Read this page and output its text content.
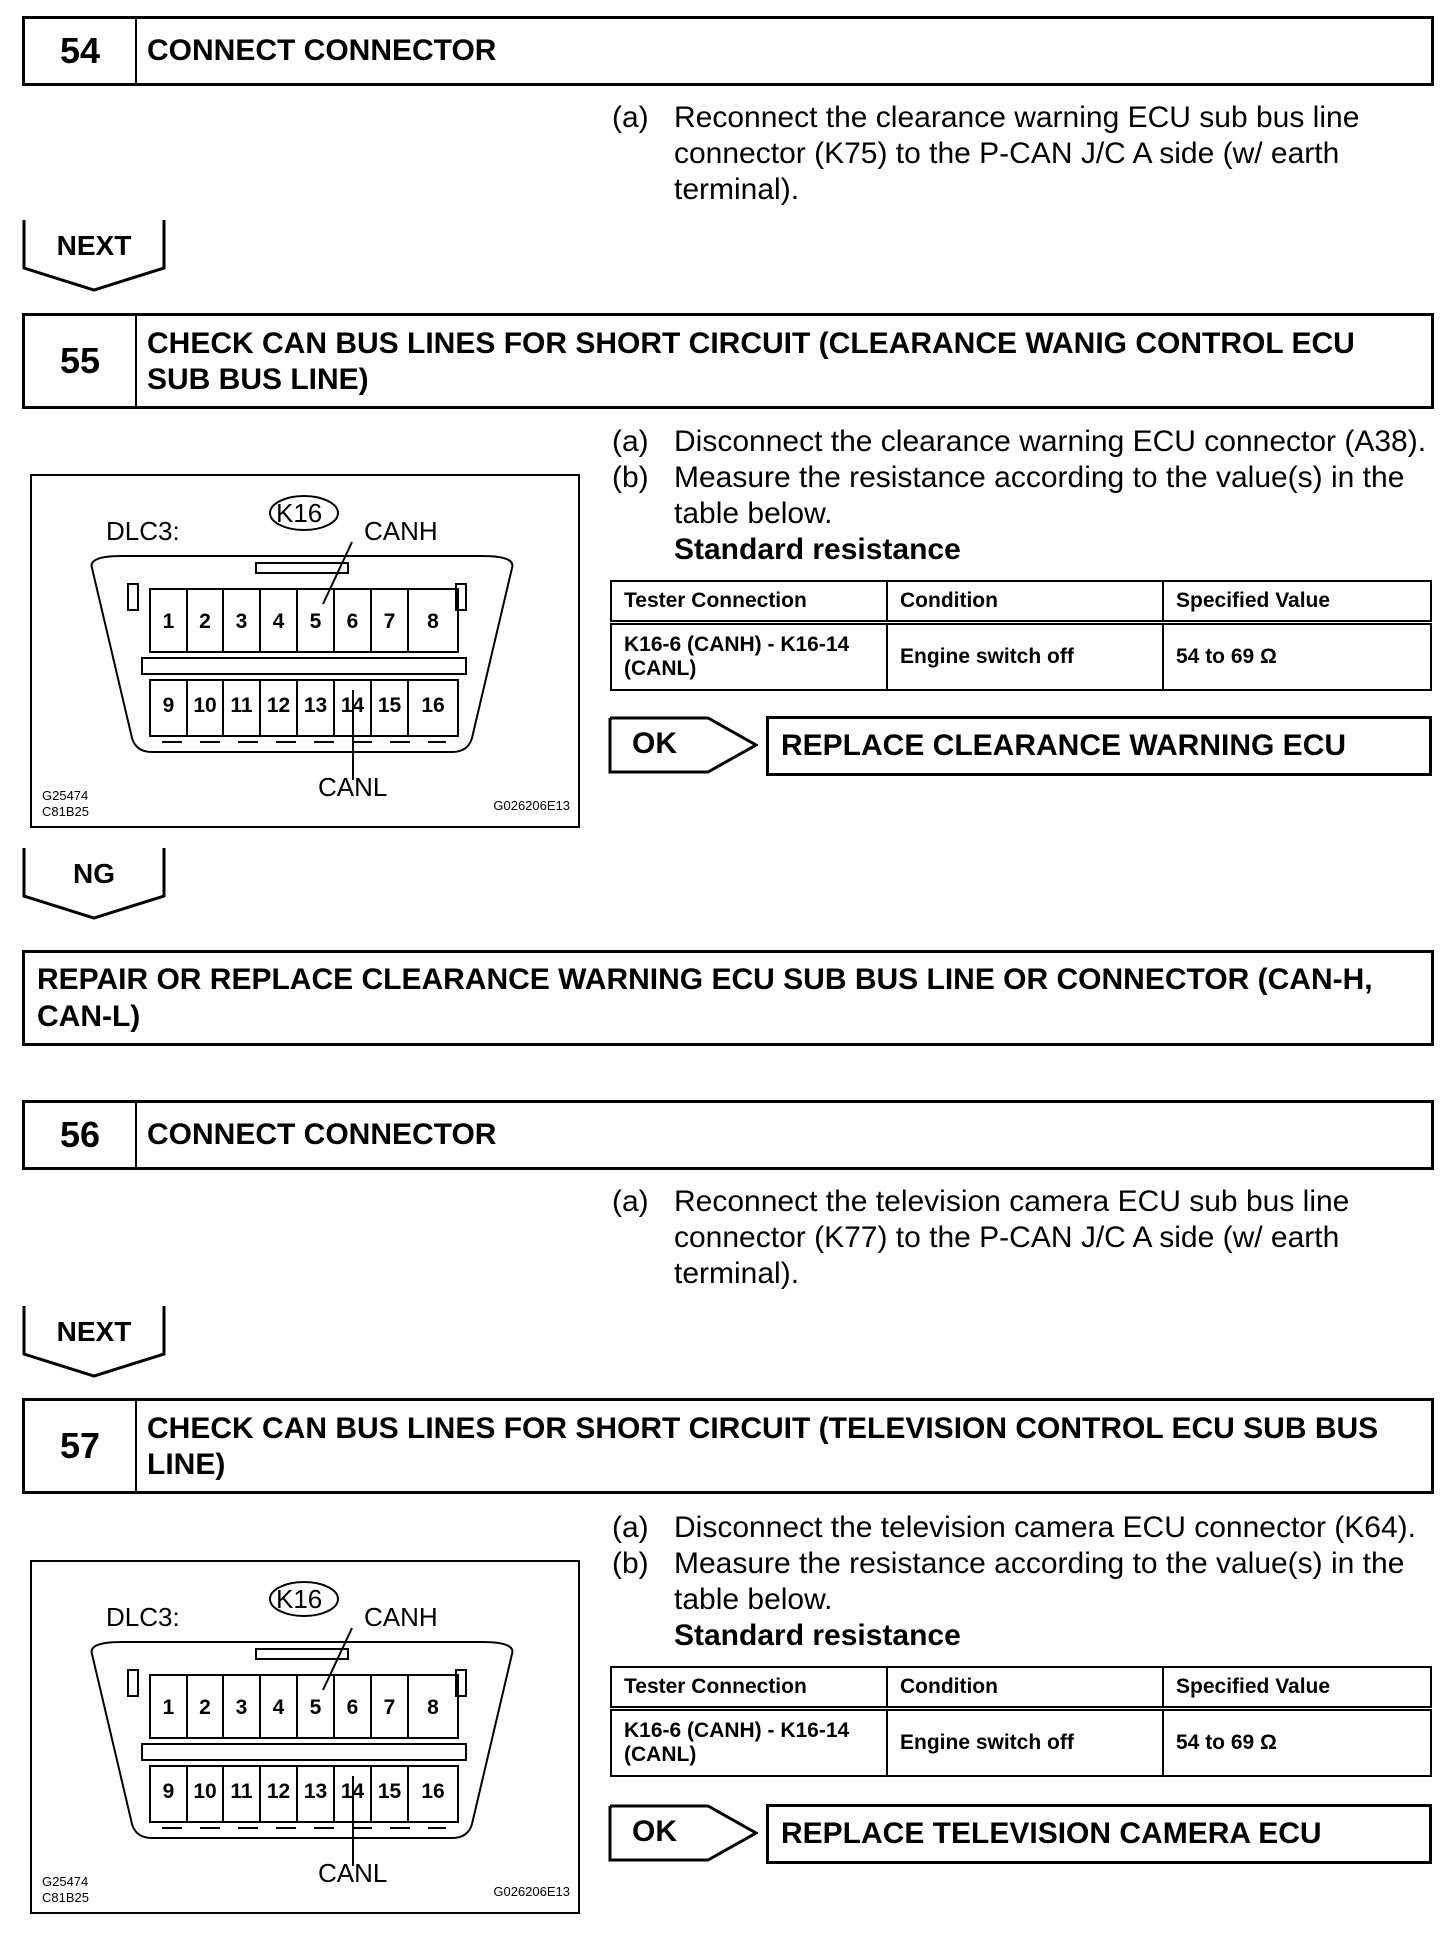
54	CONNECT CONNECTOR
(a) Reconnect the clearance warning ECU sub bus line connector (K75) to the P-CAN J/C A side (w/ earth terminal).
NEXT
55	CHECK CAN BUS LINES FOR SHORT CIRCUIT (CLEARANCE WANIG CONTROL ECU SUB BUS LINE)
(a) Disconnect the clearance warning ECU connector (A38).
(b) Measure the resistance according to the value(s) in the table below.
Standard resistance
Tester Connection	Condition	Specified Value
K16-6 (CANH) - K16-14 (CANL)	Engine switch off	54 to 69 Ω
OK	REPLACE CLEARANCE WARNING ECU
DLC3:
K16
CANH
CANL
1	2	3	4	5	6	7	8
9 10 11 12 13 14 15 16
G25474
C81B25	G026206E13
NG
REPAIR OR REPLACE CLEARANCE WARNING ECU SUB BUS LINE OR CONNECTOR (CAN-H, CAN-L)
56	CONNECT CONNECTOR
(a) Reconnect the television camera ECU sub bus line connector (K77) to the P-CAN J/C A side (w/ earth terminal).
NEXT
57	CHECK CAN BUS LINES FOR SHORT CIRCUIT (TELEVISION CONTROL ECU SUB BUS LINE)
(a) Disconnect the television camera ECU connector (K64).
(b) Measure the resistance according to the value(s) in the table below.
Standard resistance
Tester Connection	Condition	Specified Value
K16-6 (CANH) - K16-14 (CANL)	Engine switch off	54 to 69 Ω
OK	REPLACE TELEVISION CAMERA ECU
DLC3:
K16
CANH
CANL
1	2	3	4	5	6	7	8
9 10 11 12 13 14 15 16
G25474
C81B25	G026206E13
